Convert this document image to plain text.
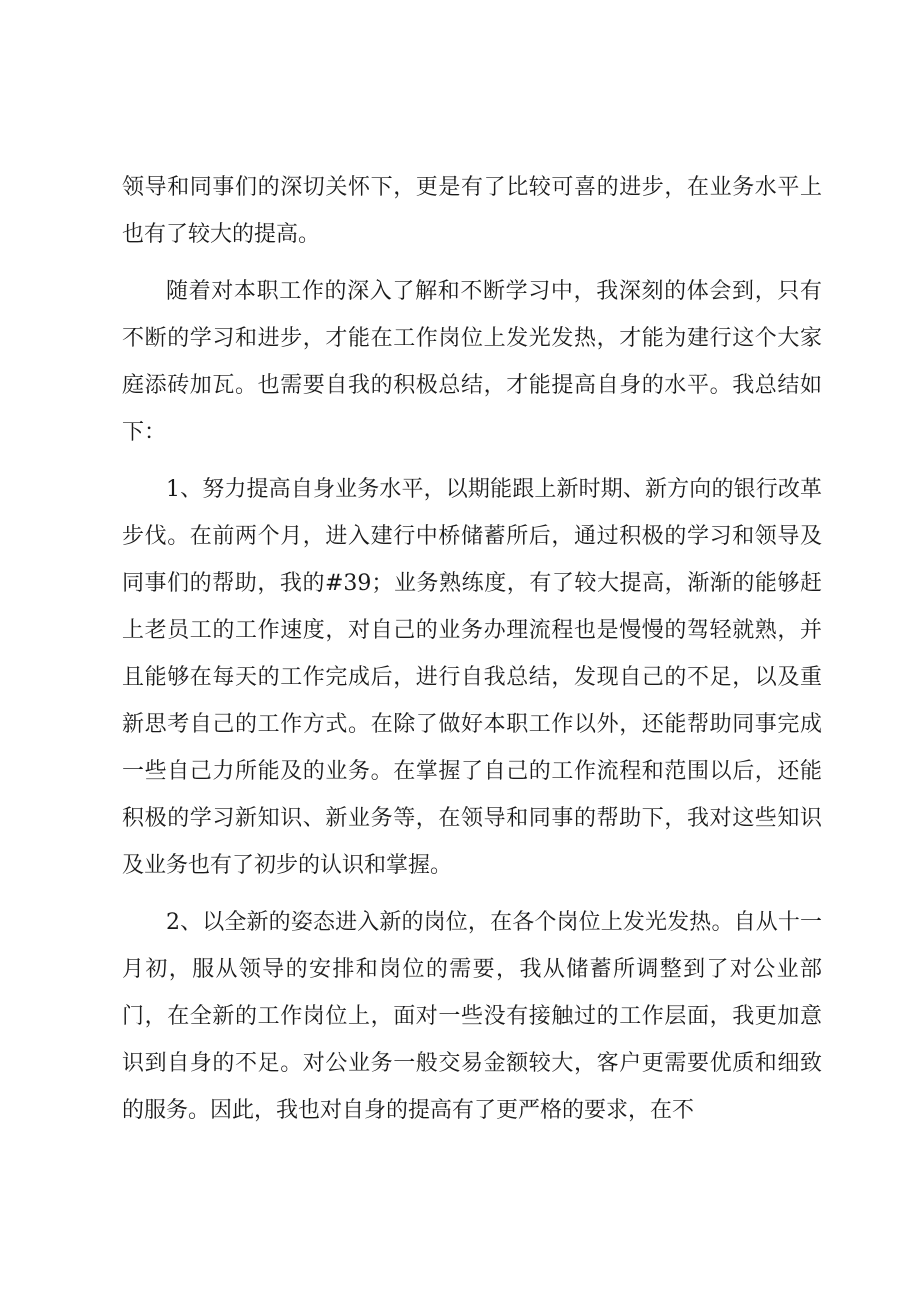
领导和同事们的深切关怀下，更是有了比较可喜的进步，在业务水平上也有了较大的提高。

随着对本职工作的深入了解和不断学习中，我深刻的体会到，只有不断的学习和进步，才能在工作岗位上发光发热，才能为建行这个大家庭添砖加瓦。也需要自我的积极总结，才能提高自身的水平。我总结如下：

1、努力提高自身业务水平，以期能跟上新时期、新方向的银行改革步伐。在前两个月，进入建行中桥储蓄所后，通过积极的学习和领导及同事们的帮助，我的#39；业务熟练度，有了较大提高，渐渐的能够赶上老员工的工作速度，对自己的业务办理流程也是慢慢的驾轻就熟，并且能够在每天的工作完成后，进行自我总结，发现自己的不足，以及重新思考自己的工作方式。在除了做好本职工作以外，还能帮助同事完成一些自己力所能及的业务。在掌握了自己的工作流程和范围以后，还能积极的学习新知识、新业务等，在领导和同事的帮助下，我对这些知识及业务也有了初步的认识和掌握。

2、以全新的姿态进入新的岗位，在各个岗位上发光发热。自从十一月初，服从领导的安排和岗位的需要，我从储蓄所调整到了对公业部门，在全新的工作岗位上，面对一些没有接触过的工作层面，我更加意识到自身的不足。对公业务一般交易金额较大，客户更需要优质和细致的服务。因此，我也对自身的提高有了更严格的要求，在不
